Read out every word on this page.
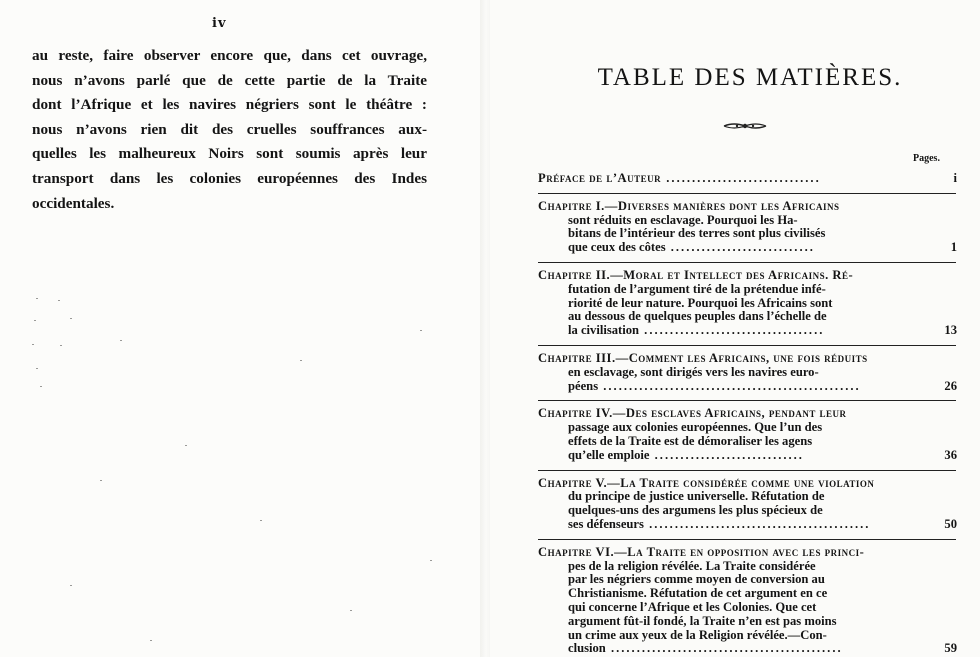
iv
au reste, faire observer encore que, dans cet ouvrage,
nous n’avons parlé que de cette partie de la Traite
dont l’Afrique et les navires négriers sont le théâtre :
nous n’avons rien dit des cruelles souffrances aux-
quelles les malheureux Noirs sont soumis après leur
transport dans les colonies européennes des Indes
occidentales.
TABLE DES MATIÈRES.
Pages.
Préface de l’Auteur ..............................	i
Chapitre I.—Diverses manières dont les Africains
sont réduits en esclavage. Pourquoi les Ha-
bitans de l’intérieur des terres sont plus civilisés
que ceux des côtes ............................	1
Chapitre II.—Moral et Intellect des Africains. Ré-
futation de l’argument tiré de la prétendue infé-
riorité de leur nature. Pourquoi les Africains sont
au dessous de quelques peuples dans l’échelle de
la civilisation ...................................	13
Chapitre III.—Comment les Africains, une fois réduits
en esclavage, sont dirigés vers les navires euro-
péens ..................................................	26
Chapitre IV.—Des esclaves Africains, pendant leur
passage aux colonies européennes. Que l’un des
effets de la Traite est de démoraliser les agens
qu’elle emploie .............................	36
Chapitre V.—La Traite considérée comme une violation
du principe de justice universelle. Réfutation de
quelques-uns des argumens les plus spécieux de
ses défenseurs ...........................................	50
Chapitre VI.—La Traite en opposition avec les princi-
pes de la religion révélée. La Traite considérée
par les négriers comme moyen de conversion au
Christianisme. Réfutation de cet argument en ce
qui concerne l’Afrique et les Colonies. Que cet
argument fût-il fondé, la Traite n’en est pas moins
un crime aux yeux de la Religion révélée.—Con-
clusion .............................................	59
